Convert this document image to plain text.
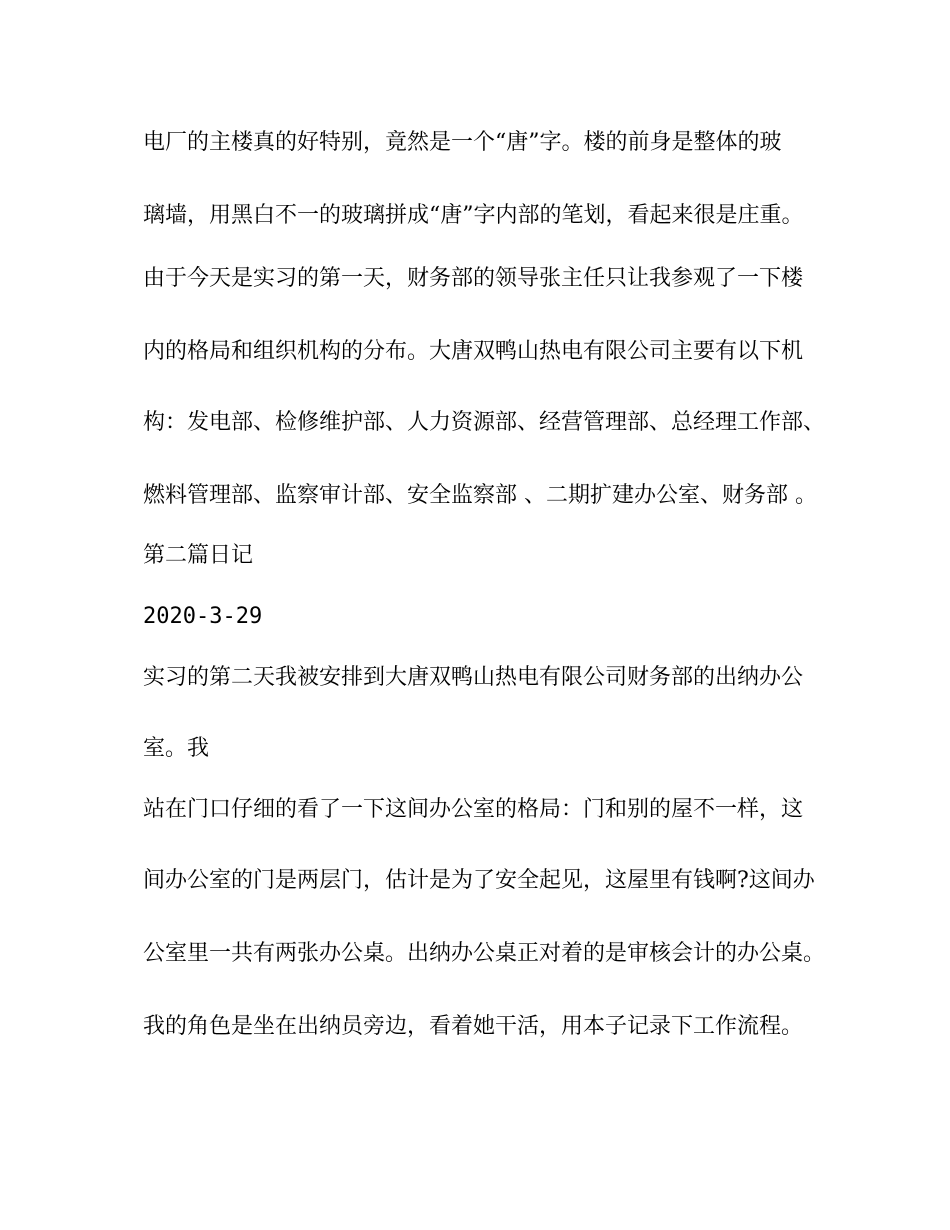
电厂的主楼真的好特别，竟然是一个“唐”字。楼的前身是整体的玻
璃墙，用黑白不一的玻璃拼成“唐”字内部的笔划，看起来很是庄重。
由于今天是实习的第一天，财务部的领导张主任只让我参观了一下楼
内的格局和组织机构的分布。大唐双鸭山热电有限公司主要有以下机
构：发电部、检修维护部、人力资源部、经营管理部、总经理工作部、
燃料管理部、监察审计部、安全监察部 、二期扩建办公室、财务部 。
第二篇日记
2020-3-29
实习的第二天我被安排到大唐双鸭山热电有限公司财务部的出纳办公
室。我
站在门口仔细的看了一下这间办公室的格局：门和别的屋不一样，这
间办公室的门是两层门，估计是为了安全起见，这屋里有钱啊?这间办
公室里一共有两张办公桌。出纳办公桌正对着的是审核会计的办公桌。
我的角色是坐在出纳员旁边，看着她干活，用本子记录下工作流程。
